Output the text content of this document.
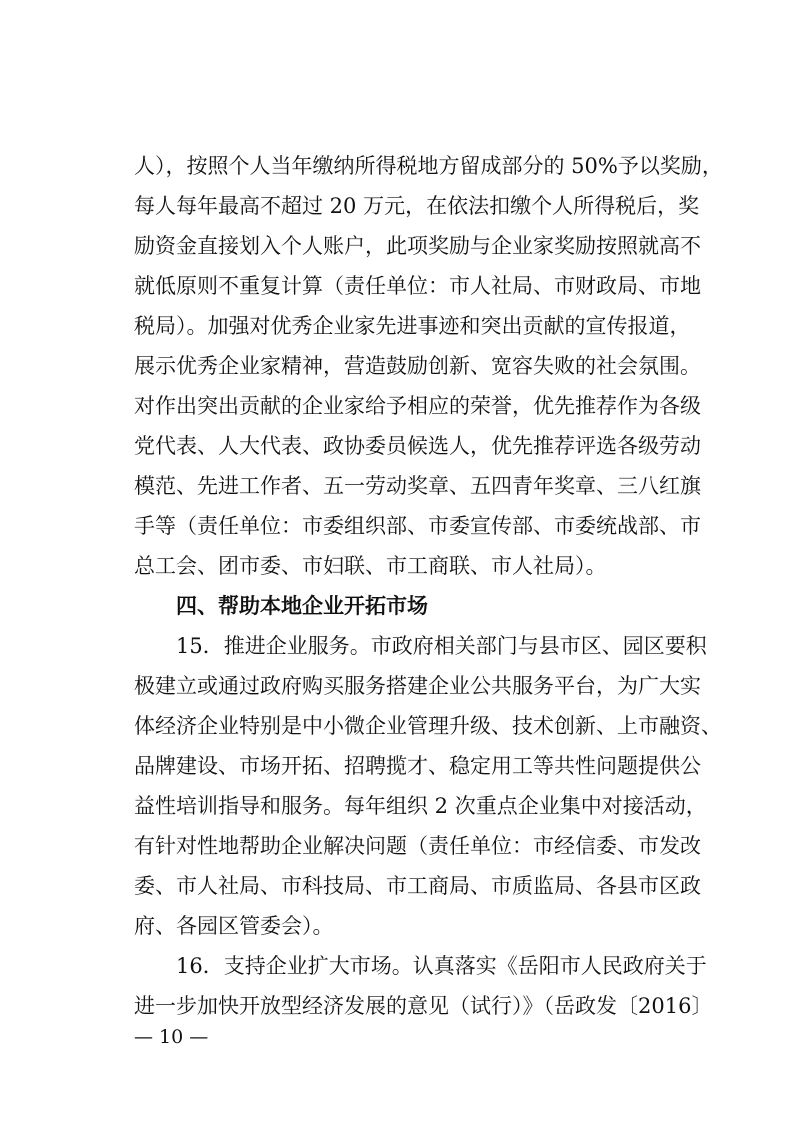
人），按照个人当年缴纳所得税地方留成部分的 50%予以奖励，
每人每年最高不超过 20 万元，在依法扣缴个人所得税后，奖
励资金直接划入个人账户，此项奖励与企业家奖励按照就高不
就低原则不重复计算（责任单位：市人社局、市财政局、市地
税局）。加强对优秀企业家先进事迹和突出贡献的宣传报道，
展示优秀企业家精神，营造鼓励创新、宽容失败的社会氛围。
对作出突出贡献的企业家给予相应的荣誉，优先推荐作为各级
党代表、人大代表、政协委员候选人，优先推荐评选各级劳动
模范、先进工作者、五一劳动奖章、五四青年奖章、三八红旗
手等（责任单位：市委组织部、市委宣传部、市委统战部、市
总工会、团市委、市妇联、市工商联、市人社局）。
四、帮助本地企业开拓市场
15．推进企业服务。市政府相关部门与县市区、园区要积
极建立或通过政府购买服务搭建企业公共服务平台，为广大实
体经济企业特别是中小微企业管理升级、技术创新、上市融资、
品牌建设、市场开拓、招聘揽才、稳定用工等共性问题提供公
益性培训指导和服务。每年组织 2 次重点企业集中对接活动，
有针对性地帮助企业解决问题（责任单位：市经信委、市发改
委、市人社局、市科技局、市工商局、市质监局、各县市区政
府、各园区管委会）。
16．支持企业扩大市场。认真落实《岳阳市人民政府关于
进一步加快开放型经济发展的意见（试行）》（岳政发〔2016〕
— 10 —
